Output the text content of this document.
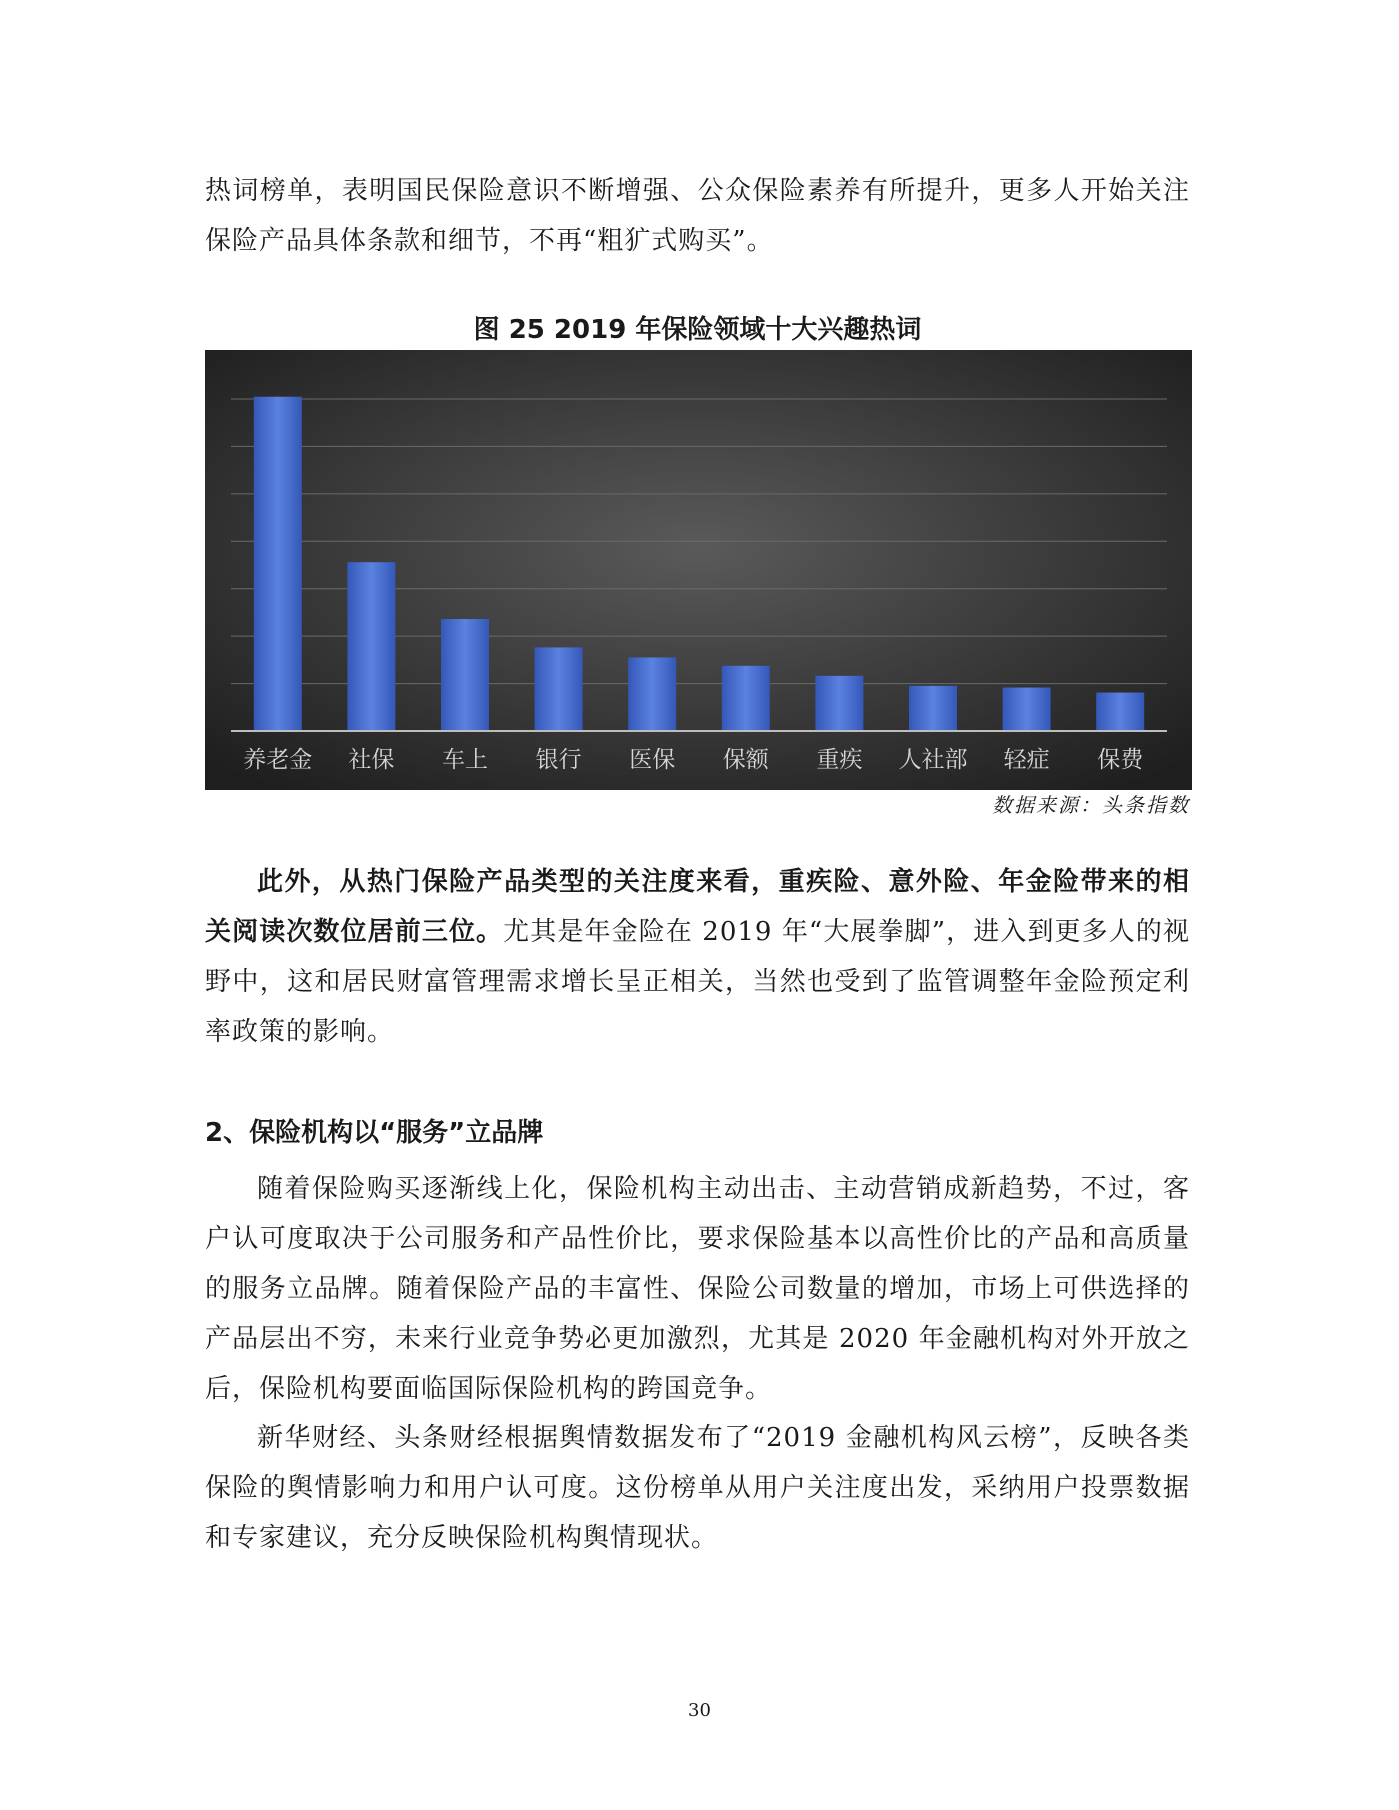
热词榜单，表明国民保险意识不断增强、公众保险素养有所提升，更多人开始关注保险产品具体条款和细节，不再“粗犷式购买”。

图 25 2019 年保险领域十大兴趣热词
养老金 社保 车上 银行 医保 保额 重疾 人社部 轻症 保费
数据来源：头条指数

此外，从热门保险产品类型的关注度来看，重疾险、意外险、年金险带来的相关阅读次数位居前三位。尤其是年金险在 2019 年“大展拳脚”，进入到更多人的视野中，这和居民财富管理需求增长呈正相关，当然也受到了监管调整年金险预定利率政策的影响。

2、保险机构以“服务”立品牌

随着保险购买逐渐线上化，保险机构主动出击、主动营销成新趋势，不过，客户认可度取决于公司服务和产品性价比，要求保险基本以高性价比的产品和高质量的服务立品牌。随着保险产品的丰富性、保险公司数量的增加，市场上可供选择的产品层出不穷，未来行业竞争势必更加激烈，尤其是 2020 年金融机构对外开放之后，保险机构要面临国际保险机构的跨国竞争。

新华财经、头条财经根据舆情数据发布了“2019 金融机构风云榜”，反映各类保险的舆情影响力和用户认可度。这份榜单从用户关注度出发，采纳用户投票数据和专家建议，充分反映保险机构舆情现状。

30
